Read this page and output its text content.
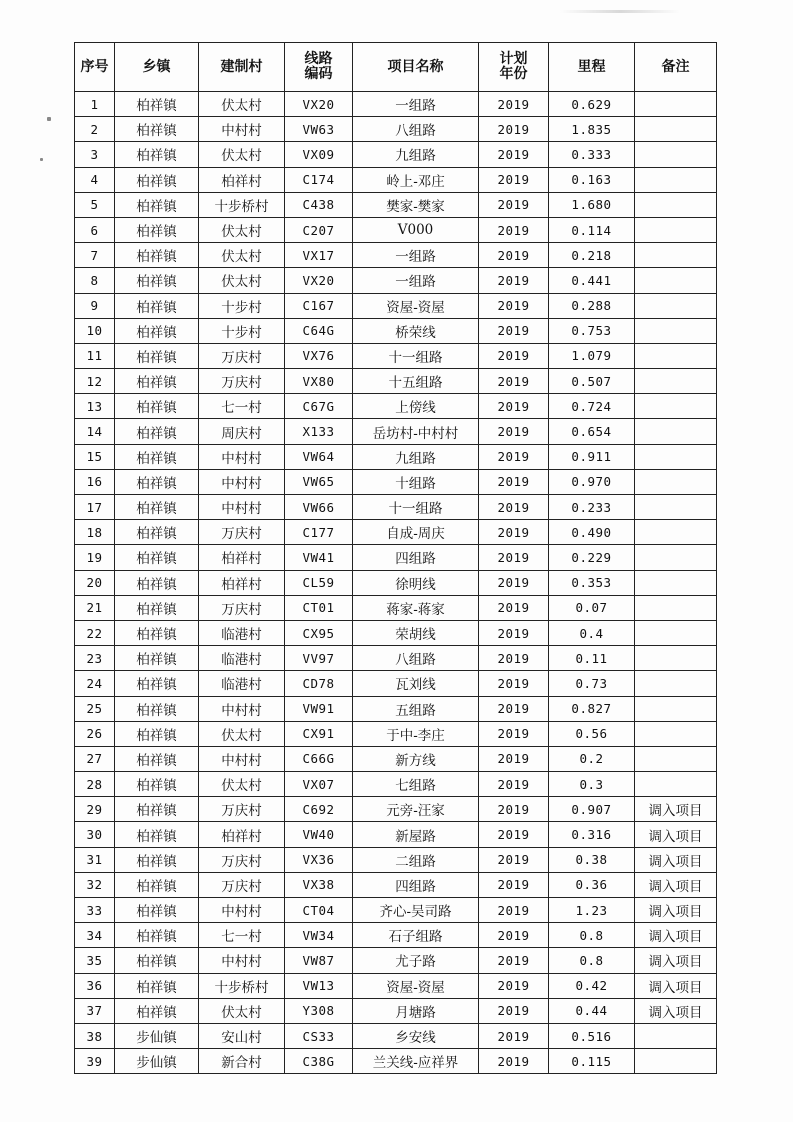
序号	乡镇	建制村	线路编码	项目名称	计划年份	里程	备注
1	柏祥镇	伏太村	VX20	一组路	2019	0.629	
2	柏祥镇	中村村	VW63	八组路	2019	1.835	
3	柏祥镇	伏太村	VX09	九组路	2019	0.333	
4	柏祥镇	柏祥村	C174	岭上-邓庄	2019	0.163	
5	柏祥镇	十步桥村	C438	樊家-樊家	2019	1.680	
6	柏祥镇	伏太村	C207	V000	2019	0.114	
7	柏祥镇	伏太村	VX17	一组路	2019	0.218	
8	柏祥镇	伏太村	VX20	一组路	2019	0.441	
9	柏祥镇	十步村	C167	资屋-资屋	2019	0.288	
10	柏祥镇	十步村	C64G	桥荣线	2019	0.753	
11	柏祥镇	万庆村	VX76	十一组路	2019	1.079	
12	柏祥镇	万庆村	VX80	十五组路	2019	0.507	
13	柏祥镇	七一村	C67G	上傍线	2019	0.724	
14	柏祥镇	周庆村	X133	岳坊村-中村村	2019	0.654	
15	柏祥镇	中村村	VW64	九组路	2019	0.911	
16	柏祥镇	中村村	VW65	十组路	2019	0.970	
17	柏祥镇	中村村	VW66	十一组路	2019	0.233	
18	柏祥镇	万庆村	C177	自成-周庆	2019	0.490	
19	柏祥镇	柏祥村	VW41	四组路	2019	0.229	
20	柏祥镇	柏祥村	CL59	徐明线	2019	0.353	
21	柏祥镇	万庆村	CT01	蒋家-蒋家	2019	0.07	
22	柏祥镇	临港村	CX95	荣胡线	2019	0.4	
23	柏祥镇	临港村	VV97	八组路	2019	0.11	
24	柏祥镇	临港村	CD78	瓦刘线	2019	0.73	
25	柏祥镇	中村村	VW91	五组路	2019	0.827	
26	柏祥镇	伏太村	CX91	于中-李庄	2019	0.56	
27	柏祥镇	中村村	C66G	新方线	2019	0.2	
28	柏祥镇	伏太村	VX07	七组路	2019	0.3	
29	柏祥镇	万庆村	C692	元旁-汪家	2019	0.907	调入项目
30	柏祥镇	柏祥村	VW40	新屋路	2019	0.316	调入项目
31	柏祥镇	万庆村	VX36	二组路	2019	0.38	调入项目
32	柏祥镇	万庆村	VX38	四组路	2019	0.36	调入项目
33	柏祥镇	中村村	CT04	齐心-吴司路	2019	1.23	调入项目
34	柏祥镇	七一村	VW34	石子组路	2019	0.8	调入项目
35	柏祥镇	中村村	VW87	尤子路	2019	0.8	调入项目
36	柏祥镇	十步桥村	VW13	资屋-资屋	2019	0.42	调入项目
37	柏祥镇	伏太村	Y308	月塘路	2019	0.44	调入项目
38	步仙镇	安山村	CS33	乡安线	2019	0.516	
39	步仙镇	新合村	C38G	兰关线-应祥界	2019	0.115	
